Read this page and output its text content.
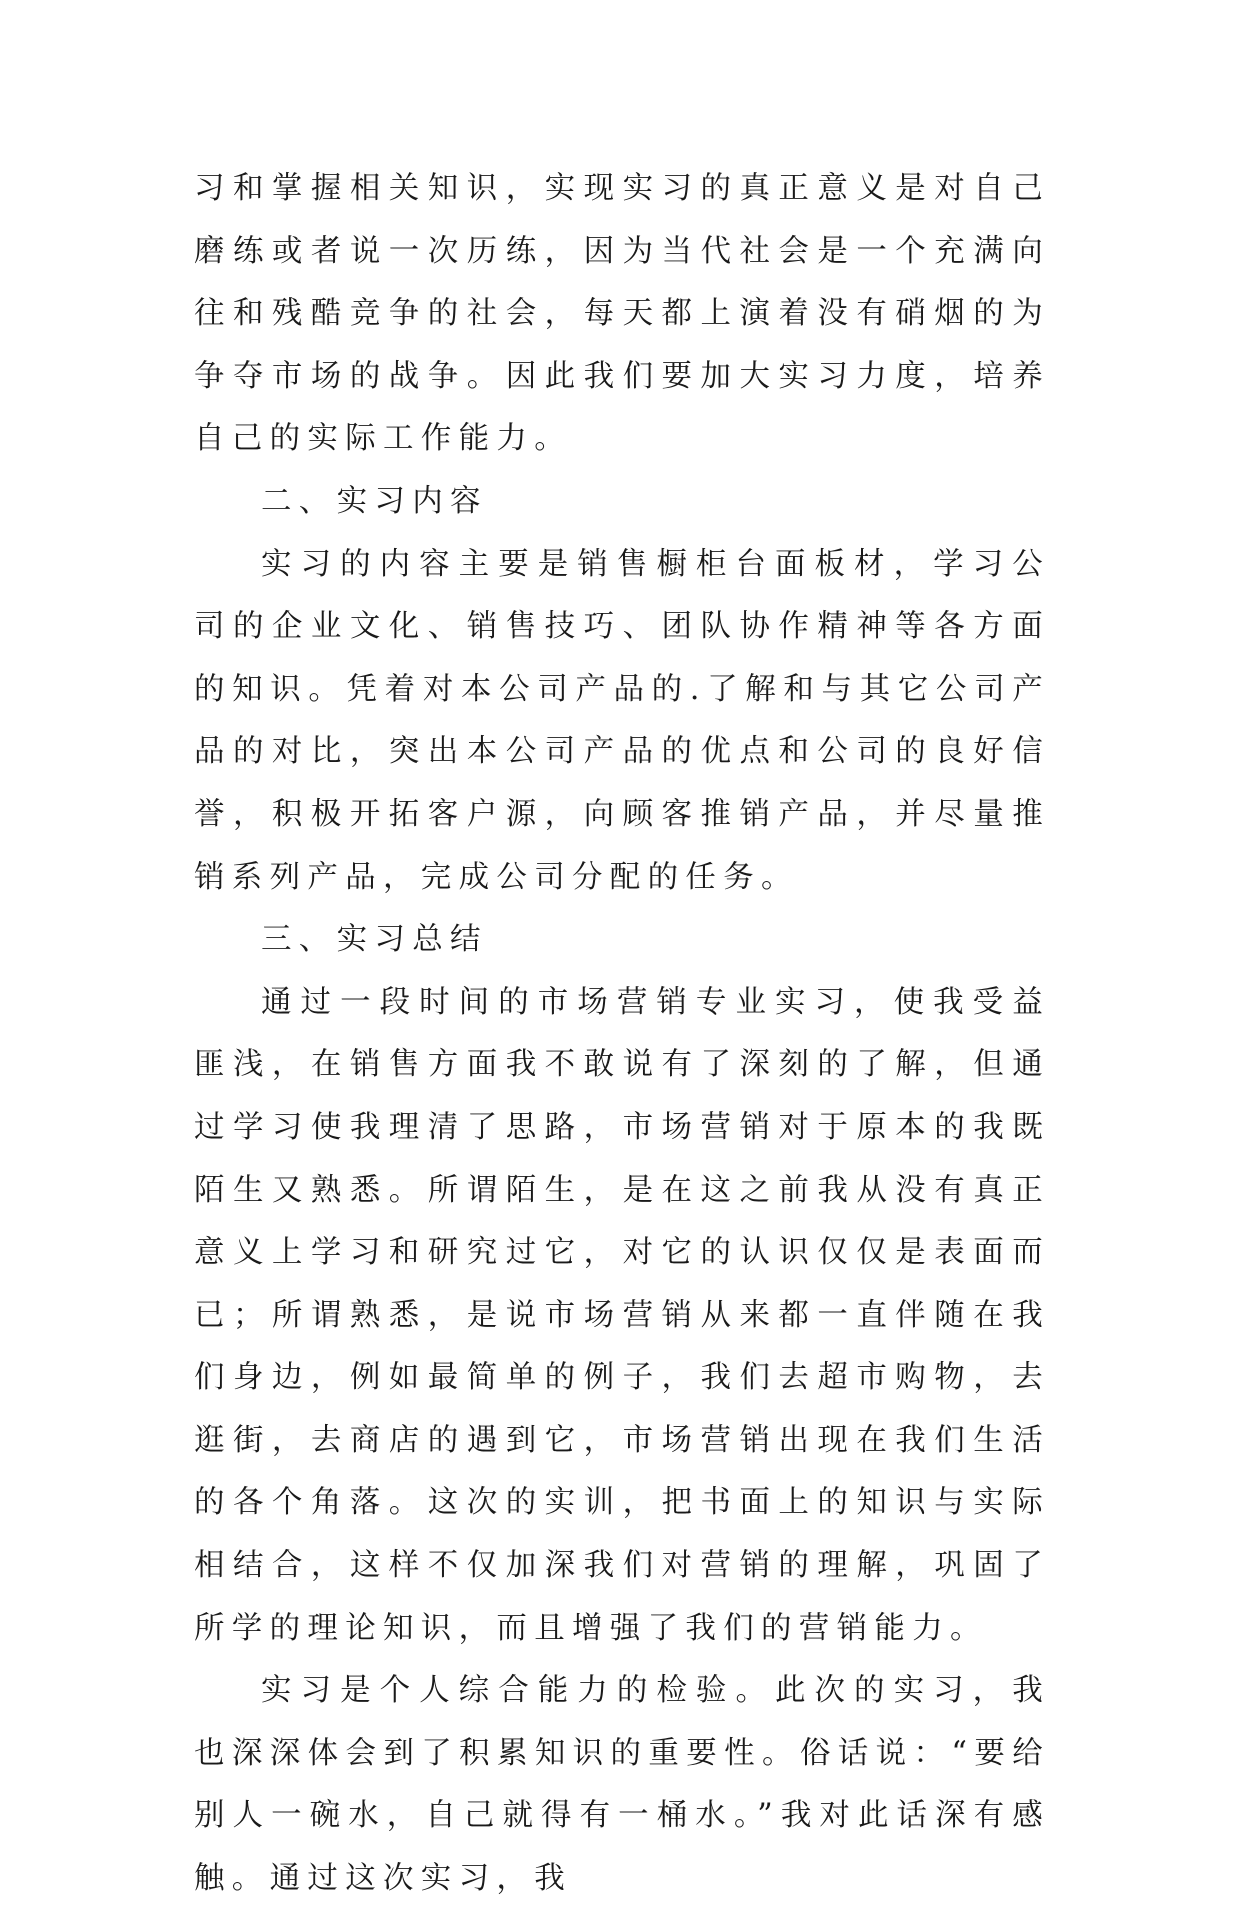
习和掌握相关知识，实现实习的真正意义是对自己磨练或者说一次历练，因为当代社会是一个充满向往和残酷竞争的社会，每天都上演着没有硝烟的为争夺市场的战争。因此我们要加大实习力度，培养自己的实际工作能力。

二、实习内容

实习的内容主要是销售橱柜台面板材，学习公司的企业文化、销售技巧、团队协作精神等各方面的知识。凭着对本公司产品的.了解和与其它公司产品的对比，突出本公司产品的优点和公司的良好信誉，积极开拓客户源，向顾客推销产品，并尽量推销系列产品，完成公司分配的任务。

三、实习总结

通过一段时间的市场营销专业实习，使我受益匪浅，在销售方面我不敢说有了深刻的了解，但通过学习使我理清了思路，市场营销对于原本的我既陌生又熟悉。所谓陌生，是在这之前我从没有真正意义上学习和研究过它，对它的认识仅仅是表面而已；所谓熟悉，是说市场营销从来都一直伴随在我们身边，例如最简单的例子，我们去超市购物，去逛街，去商店的遇到它，市场营销出现在我们生活的各个角落。这次的实训，把书面上的知识与实际相结合，这样不仅加深我们对营销的理解，巩固了所学的理论知识，而且增强了我们的营销能力。

实习是个人综合能力的检验。此次的实习，我也深深体会到了积累知识的重要性。俗话说：“要给别人一碗水，自己就得有一桶水。”我对此话深有感触。通过这次实习，我
